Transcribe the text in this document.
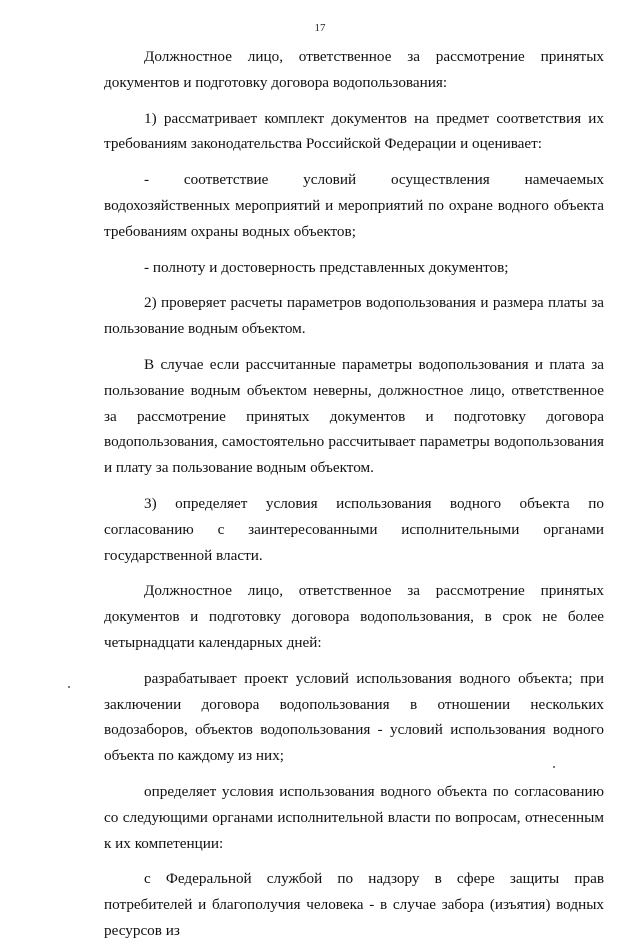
17

Должностное лицо, ответственное за рассмотрение принятых документов и подготовку договора водопользования:

1) рассматривает комплект документов на предмет соответствия их требованиям законодательства Российской Федерации и оценивает:

- соответствие условий осуществления намечаемых водохозяйственных мероприятий и мероприятий по охране водного объекта требованиям охраны водных объектов;

- полноту и достоверность представленных документов;

2) проверяет расчеты параметров водопользования и размера платы за пользование водным объектом.

В случае если рассчитанные параметры водопользования и плата за пользование водным объектом неверны, должностное лицо, ответственное за рассмотрение принятых документов и подготовку договора водопользования, самостоятельно рассчитывает параметры водопользования и плату за пользование водным объектом.

3) определяет условия использования водного объекта по согласованию с заинтересованными исполнительными органами государственной власти.

Должностное лицо, ответственное за рассмотрение принятых документов и подготовку договора водопользования, в срок не более четырнадцати календарных дней:

разрабатывает проект условий использования водного объекта; при заключении договора водопользования в отношении нескольких водозаборов, объектов водопользования - условий использования водного объекта по каждому из них;

определяет условия использования водного объекта по согласованию со следующими органами исполнительной власти по вопросам, отнесенным к их компетенции:

с Федеральной службой по надзору в сфере защиты прав потребителей и благополучия человека - в случае забора (изъятия) водных ресурсов из
